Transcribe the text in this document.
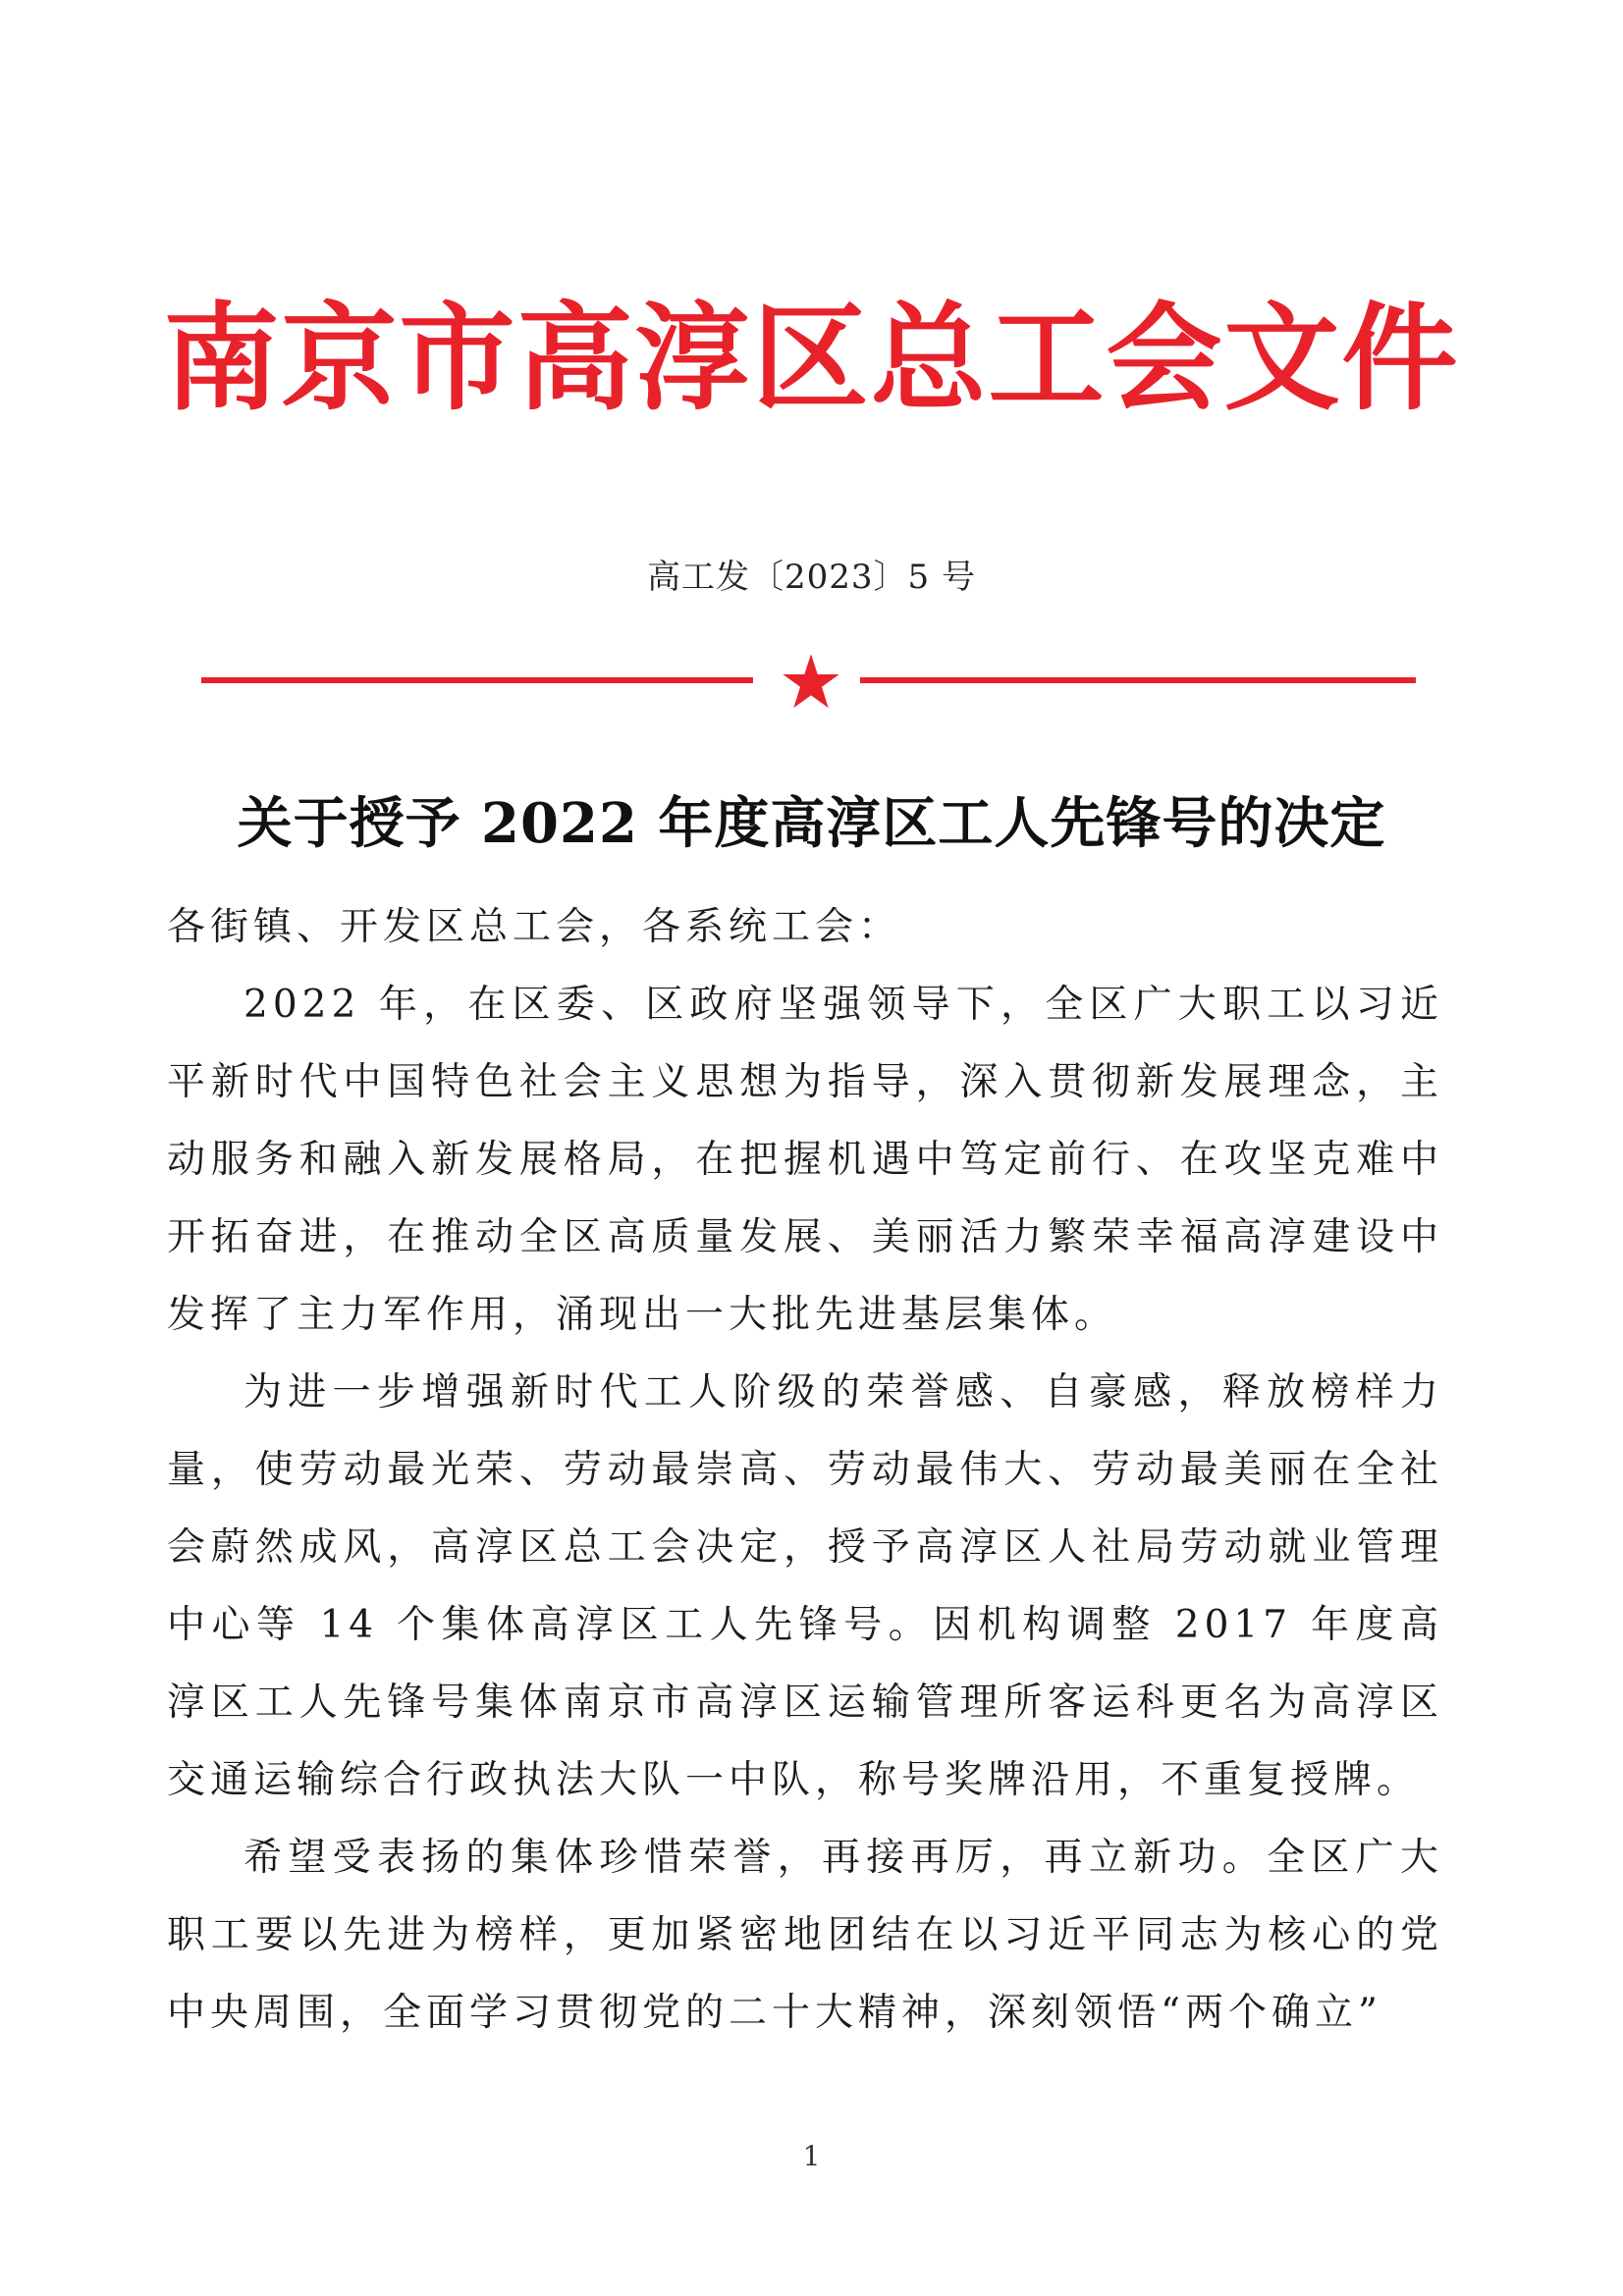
南京市高淳区总工会文件
高工发〔2023〕5 号
关于授予 2022 年度高淳区工人先锋号的决定

各街镇、开发区总工会，各系统工会：

2022 年，在区委、区政府坚强领导下，全区广大职工以习近平新时代中国特色社会主义思想为指导，深入贯彻新发展理念，主动服务和融入新发展格局，在把握机遇中笃定前行、在攻坚克难中开拓奋进，在推动全区高质量发展、美丽活力繁荣幸福高淳建设中发挥了主力军作用，涌现出一大批先进基层集体。

为进一步增强新时代工人阶级的荣誉感、自豪感，释放榜样力量，使劳动最光荣、劳动最崇高、劳动最伟大、劳动最美丽在全社会蔚然成风，高淳区总工会决定，授予高淳区人社局劳动就业管理中心等 14 个集体高淳区工人先锋号。因机构调整 2017 年度高淳区工人先锋号集体南京市高淳区运输管理所客运科更名为高淳区交通运输综合行政执法大队一中队，称号奖牌沿用，不重复授牌。

希望受表扬的集体珍惜荣誉，再接再厉，再立新功。全区广大职工要以先进为榜样，更加紧密地团结在以习近平同志为核心的党中央周围，全面学习贯彻党的二十大精神，深刻领悟“两个确立”

1
